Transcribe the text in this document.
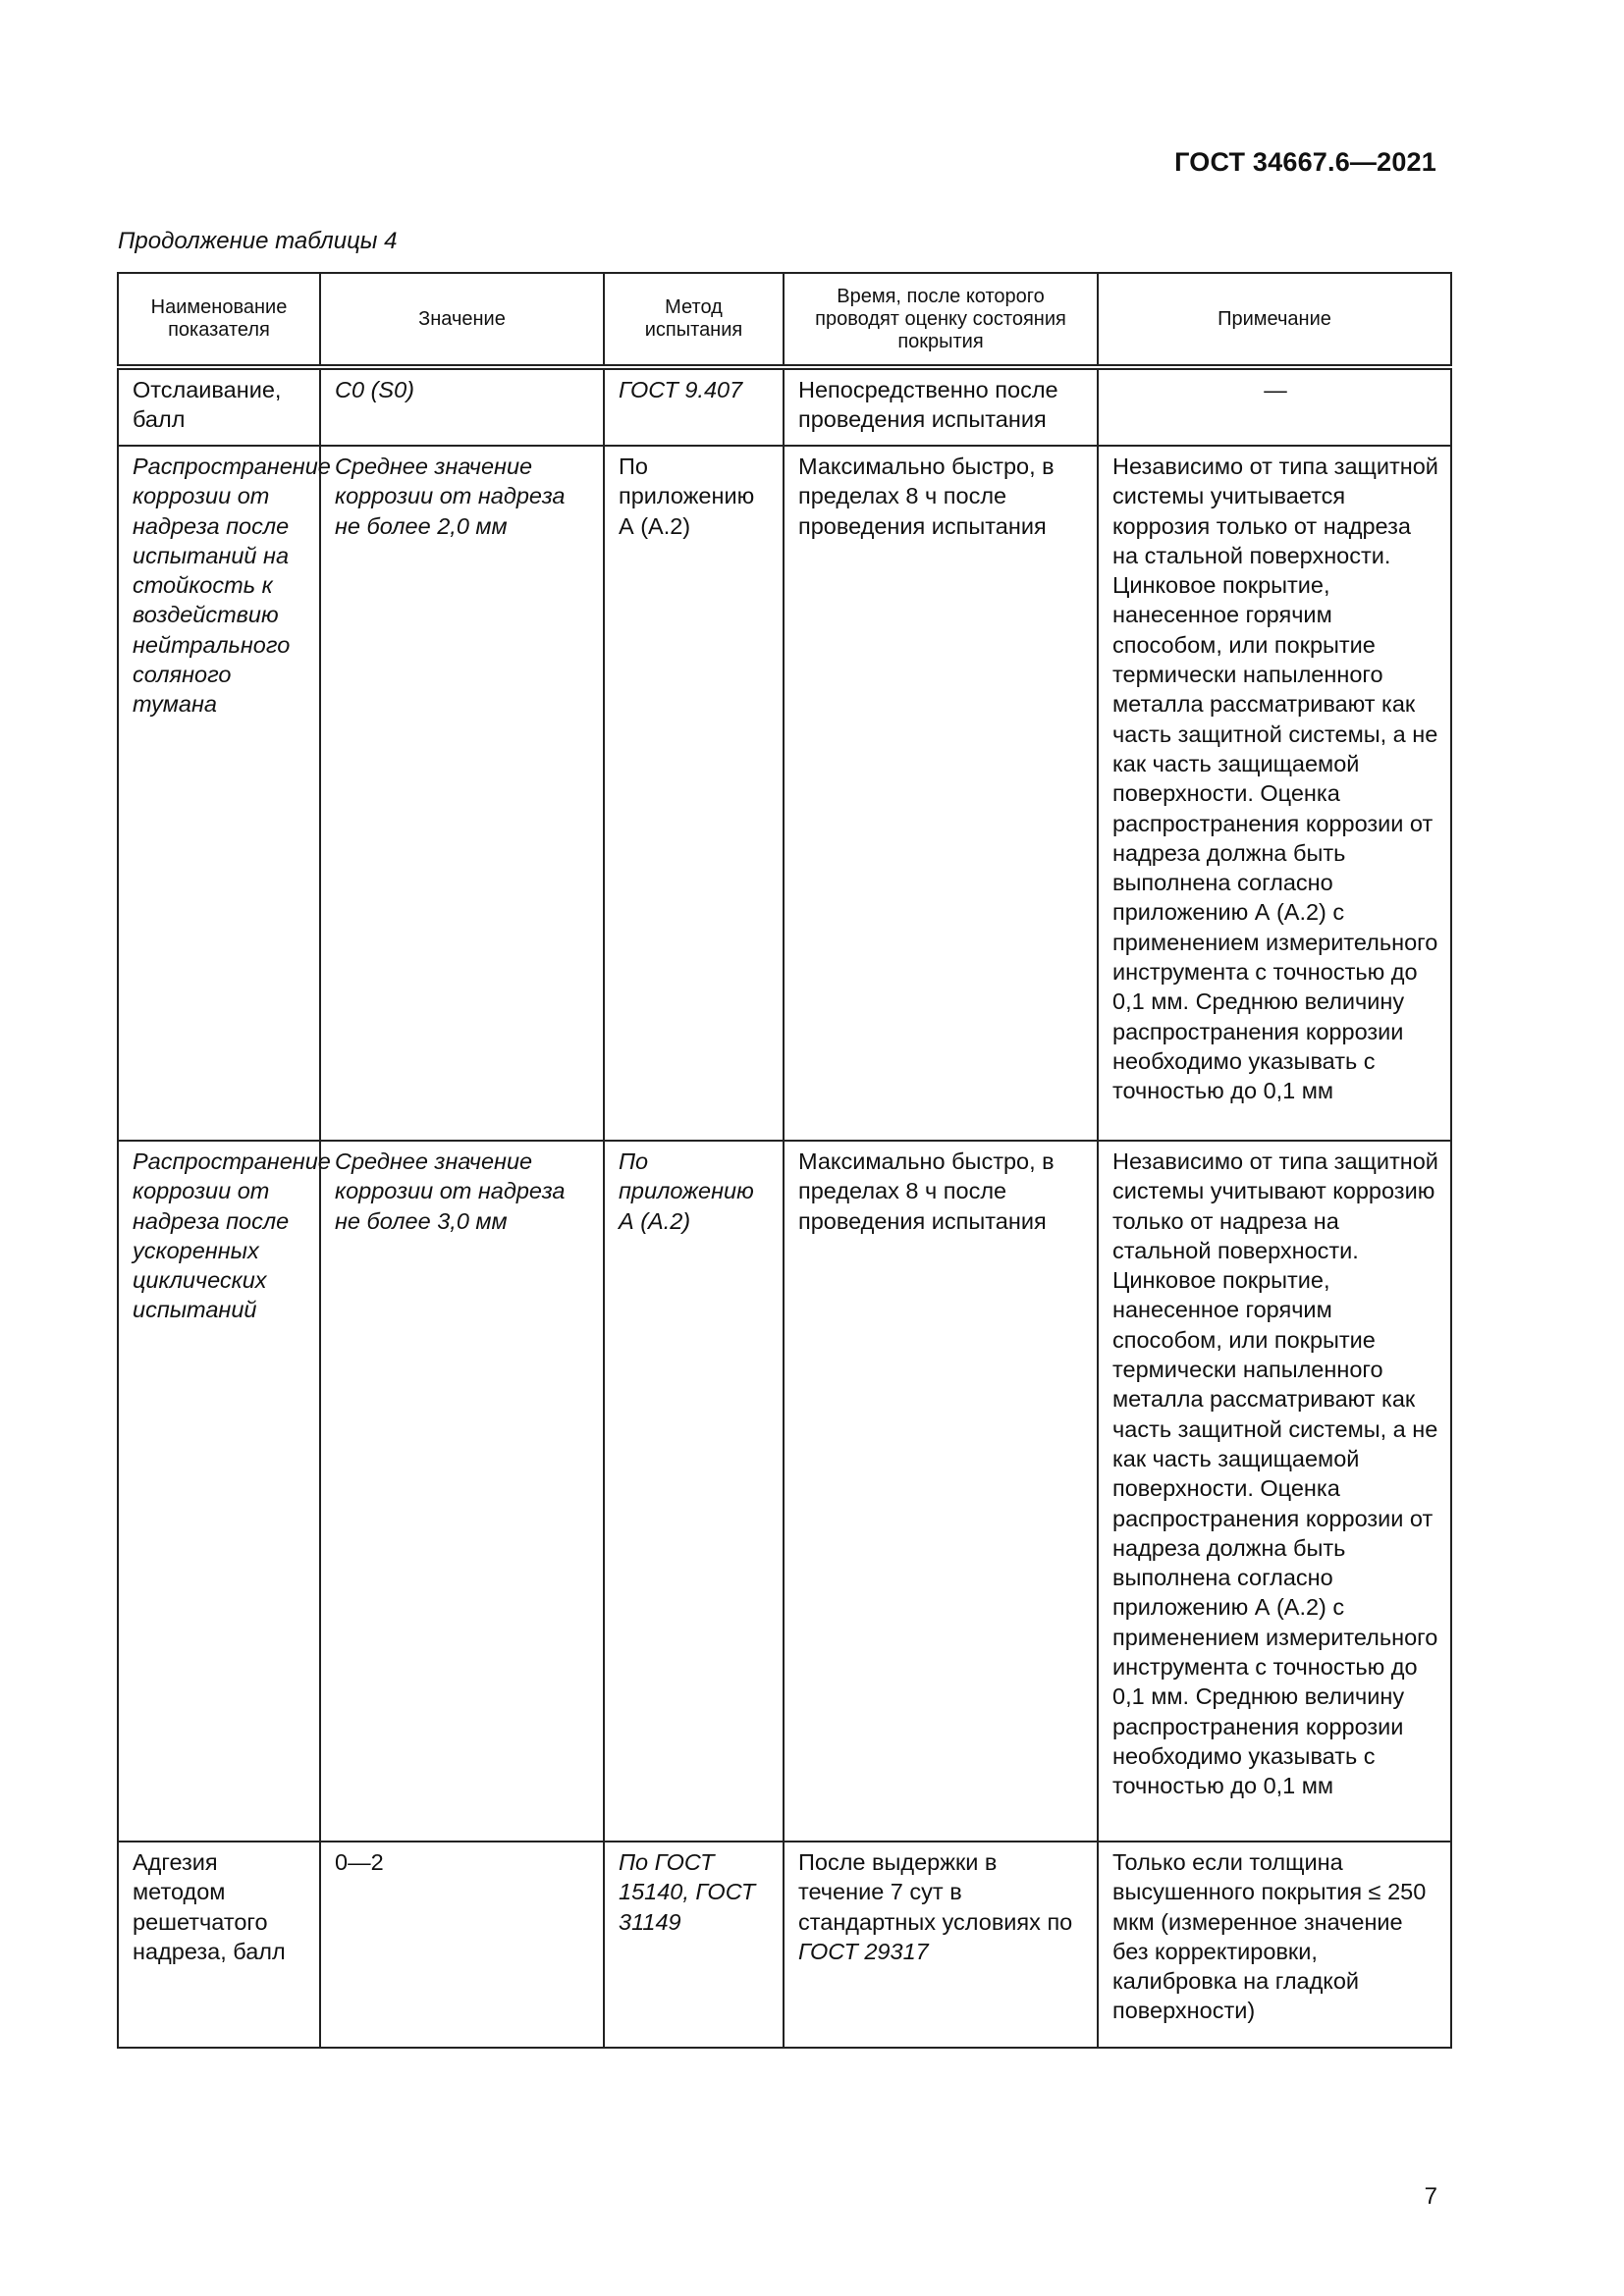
ГОСТ 34667.6—2021
Продолжение таблицы 4
Наименование показателя	Значение	Метод испытания	Время, после которого проводят оценку состояния покрытия	Примечание
Отслаивание, балл	C0 (S0)	ГОСТ 9.407	Непосредственно после проведения испытания	—
Распространение коррозии от надреза после испытаний на стойкость к воздействию нейтрального соляного тумана	Среднее значение коррозии от надреза не более 2,0 мм	По приложению А (А.2)	Максимально быстро, в пределах 8 ч после проведения испытания	Независимо от типа защитной системы учитывается коррозия только от надреза на стальной поверхности. Цинковое покрытие, нанесенное горячим способом, или покрытие термически напыленного металла рассматривают как часть защитной системы, а не как часть защищаемой поверхности. Оценка распространения коррозии от надреза должна быть выполнена согласно приложению А (А.2) с применением измерительного инструмента с точностью до 0,1 мм. Среднюю величину распространения коррозии необходимо указывать с точностью до 0,1 мм
Распространение коррозии от надреза после ускоренных циклических испытаний	Среднее значение коррозии от надреза не более 3,0 мм	По приложению А (А.2)	Максимально быстро, в пределах 8 ч после проведения испытания	Независимо от типа защитной системы учитывают коррозию только от надреза на стальной поверхности. Цинковое покрытие, нанесенное горячим способом, или покрытие термически напыленного металла рассматривают как часть защитной системы, а не как часть защищаемой поверхности. Оценка распространения коррозии от надреза должна быть выполнена согласно приложению А (А.2) с применением измерительного инструмента с точностью до 0,1 мм. Среднюю величину распространения коррозии необходимо указывать с точностью до 0,1 мм
Адгезия методом решетчатого надреза, балл	0—2	По ГОСТ 15140, ГОСТ 31149	После выдержки в течение 7 сут в стандартных условиях по ГОСТ 29317	Только если толщина высушенного покрытия ≤ 250 мкм (измеренное значение без корректировки, калибровка на гладкой поверхности)
7
